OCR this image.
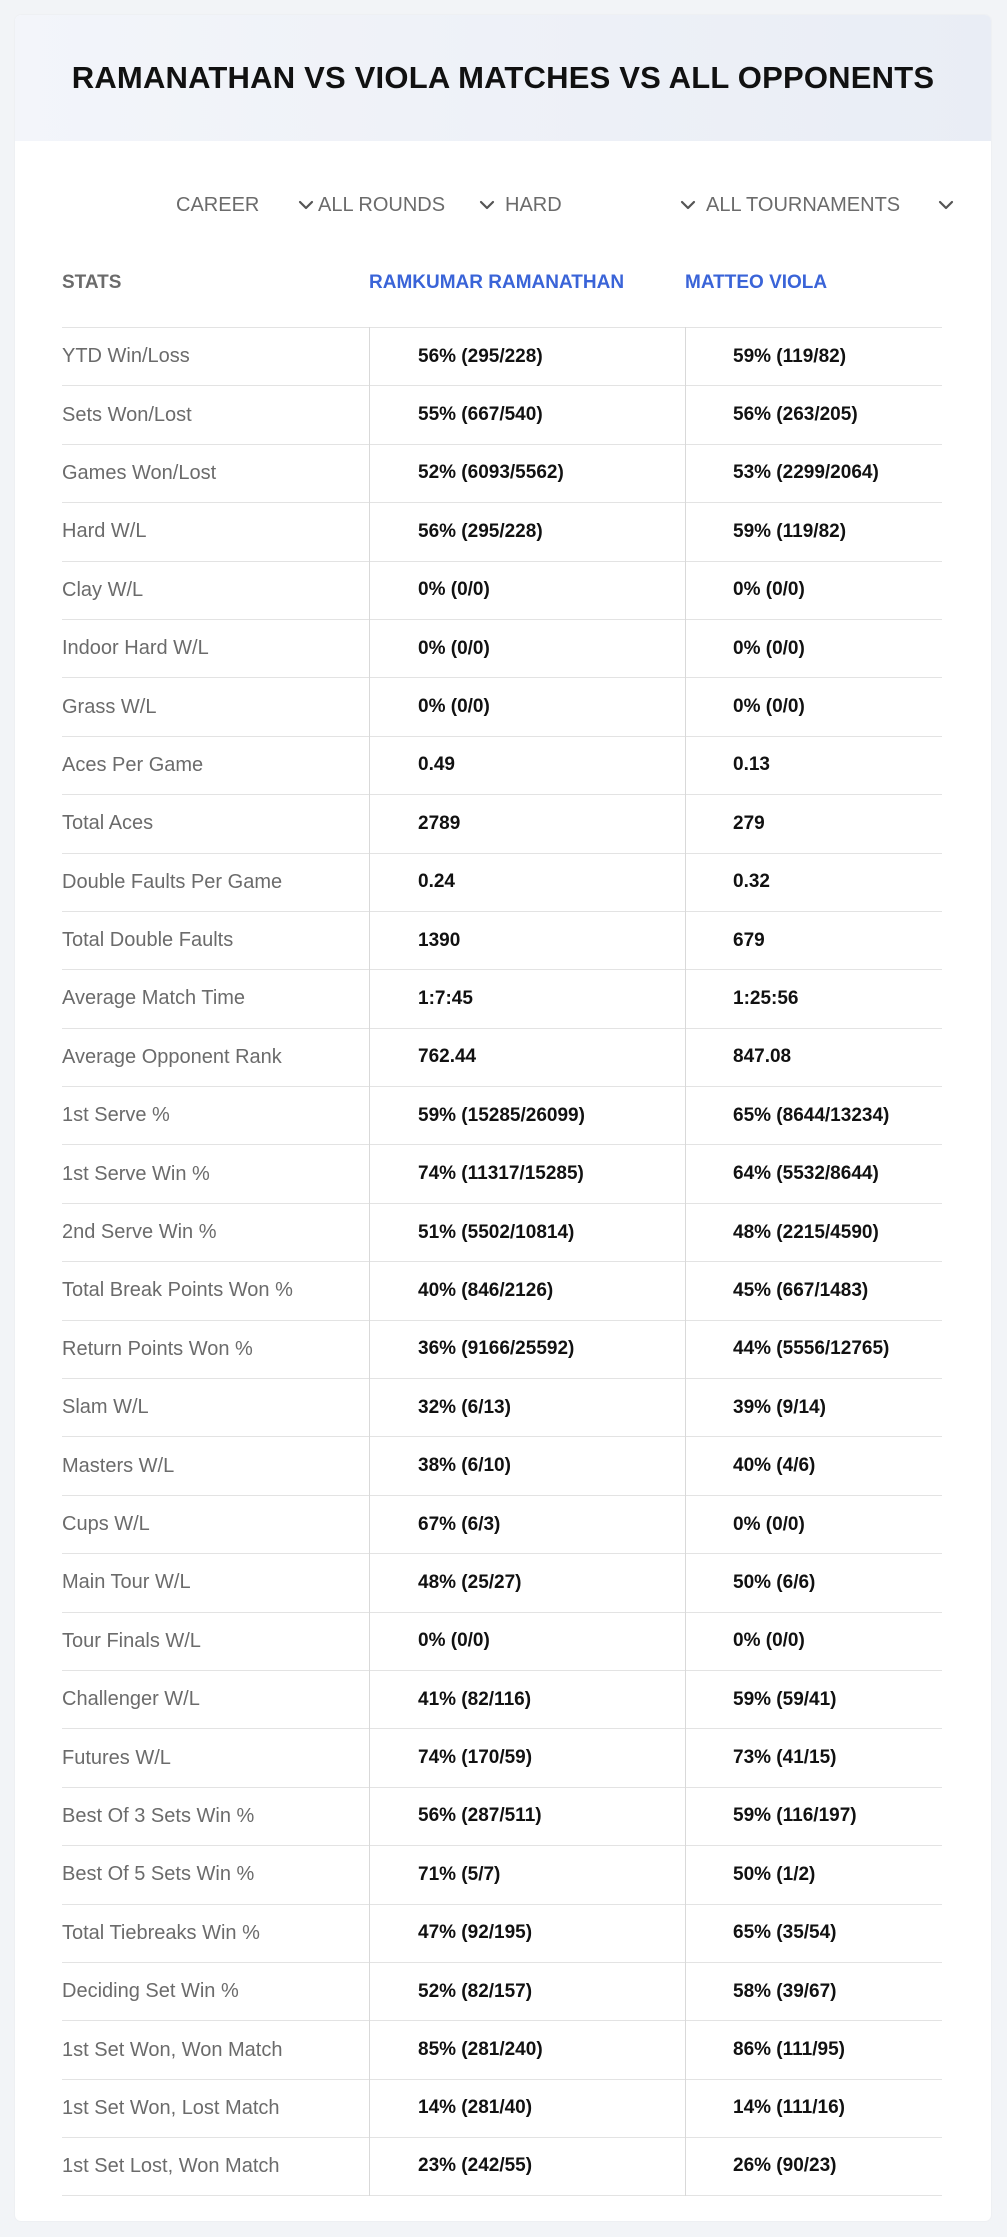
RAMANATHAN VS VIOLA MATCHES VS ALL OPPONENTS
CAREER	ALL ROUNDS	HARD	ALL TOURNAMENTS
STATS	RAMKUMAR RAMANATHAN	MATTEO VIOLA
YTD Win/Loss	56% (295/228)	59% (119/82)
Sets Won/Lost	55% (667/540)	56% (263/205)
Games Won/Lost	52% (6093/5562)	53% (2299/2064)
Hard W/L	56% (295/228)	59% (119/82)
Clay W/L	0% (0/0)	0% (0/0)
Indoor Hard W/L	0% (0/0)	0% (0/0)
Grass W/L	0% (0/0)	0% (0/0)
Aces Per Game	0.49	0.13
Total Aces	2789	279
Double Faults Per Game	0.24	0.32
Total Double Faults	1390	679
Average Match Time	1:7:45	1:25:56
Average Opponent Rank	762.44	847.08
1st Serve %	59% (15285/26099)	65% (8644/13234)
1st Serve Win %	74% (11317/15285)	64% (5532/8644)
2nd Serve Win %	51% (5502/10814)	48% (2215/4590)
Total Break Points Won %	40% (846/2126)	45% (667/1483)
Return Points Won %	36% (9166/25592)	44% (5556/12765)
Slam W/L	32% (6/13)	39% (9/14)
Masters W/L	38% (6/10)	40% (4/6)
Cups W/L	67% (6/3)	0% (0/0)
Main Tour W/L	48% (25/27)	50% (6/6)
Tour Finals W/L	0% (0/0)	0% (0/0)
Challenger W/L	41% (82/116)	59% (59/41)
Futures W/L	74% (170/59)	73% (41/15)
Best Of 3 Sets Win %	56% (287/511)	59% (116/197)
Best Of 5 Sets Win %	71% (5/7)	50% (1/2)
Total Tiebreaks Win %	47% (92/195)	65% (35/54)
Deciding Set Win %	52% (82/157)	58% (39/67)
1st Set Won, Won Match	85% (281/240)	86% (111/95)
1st Set Won, Lost Match	14% (281/40)	14% (111/16)
1st Set Lost, Won Match	23% (242/55)	26% (90/23)
